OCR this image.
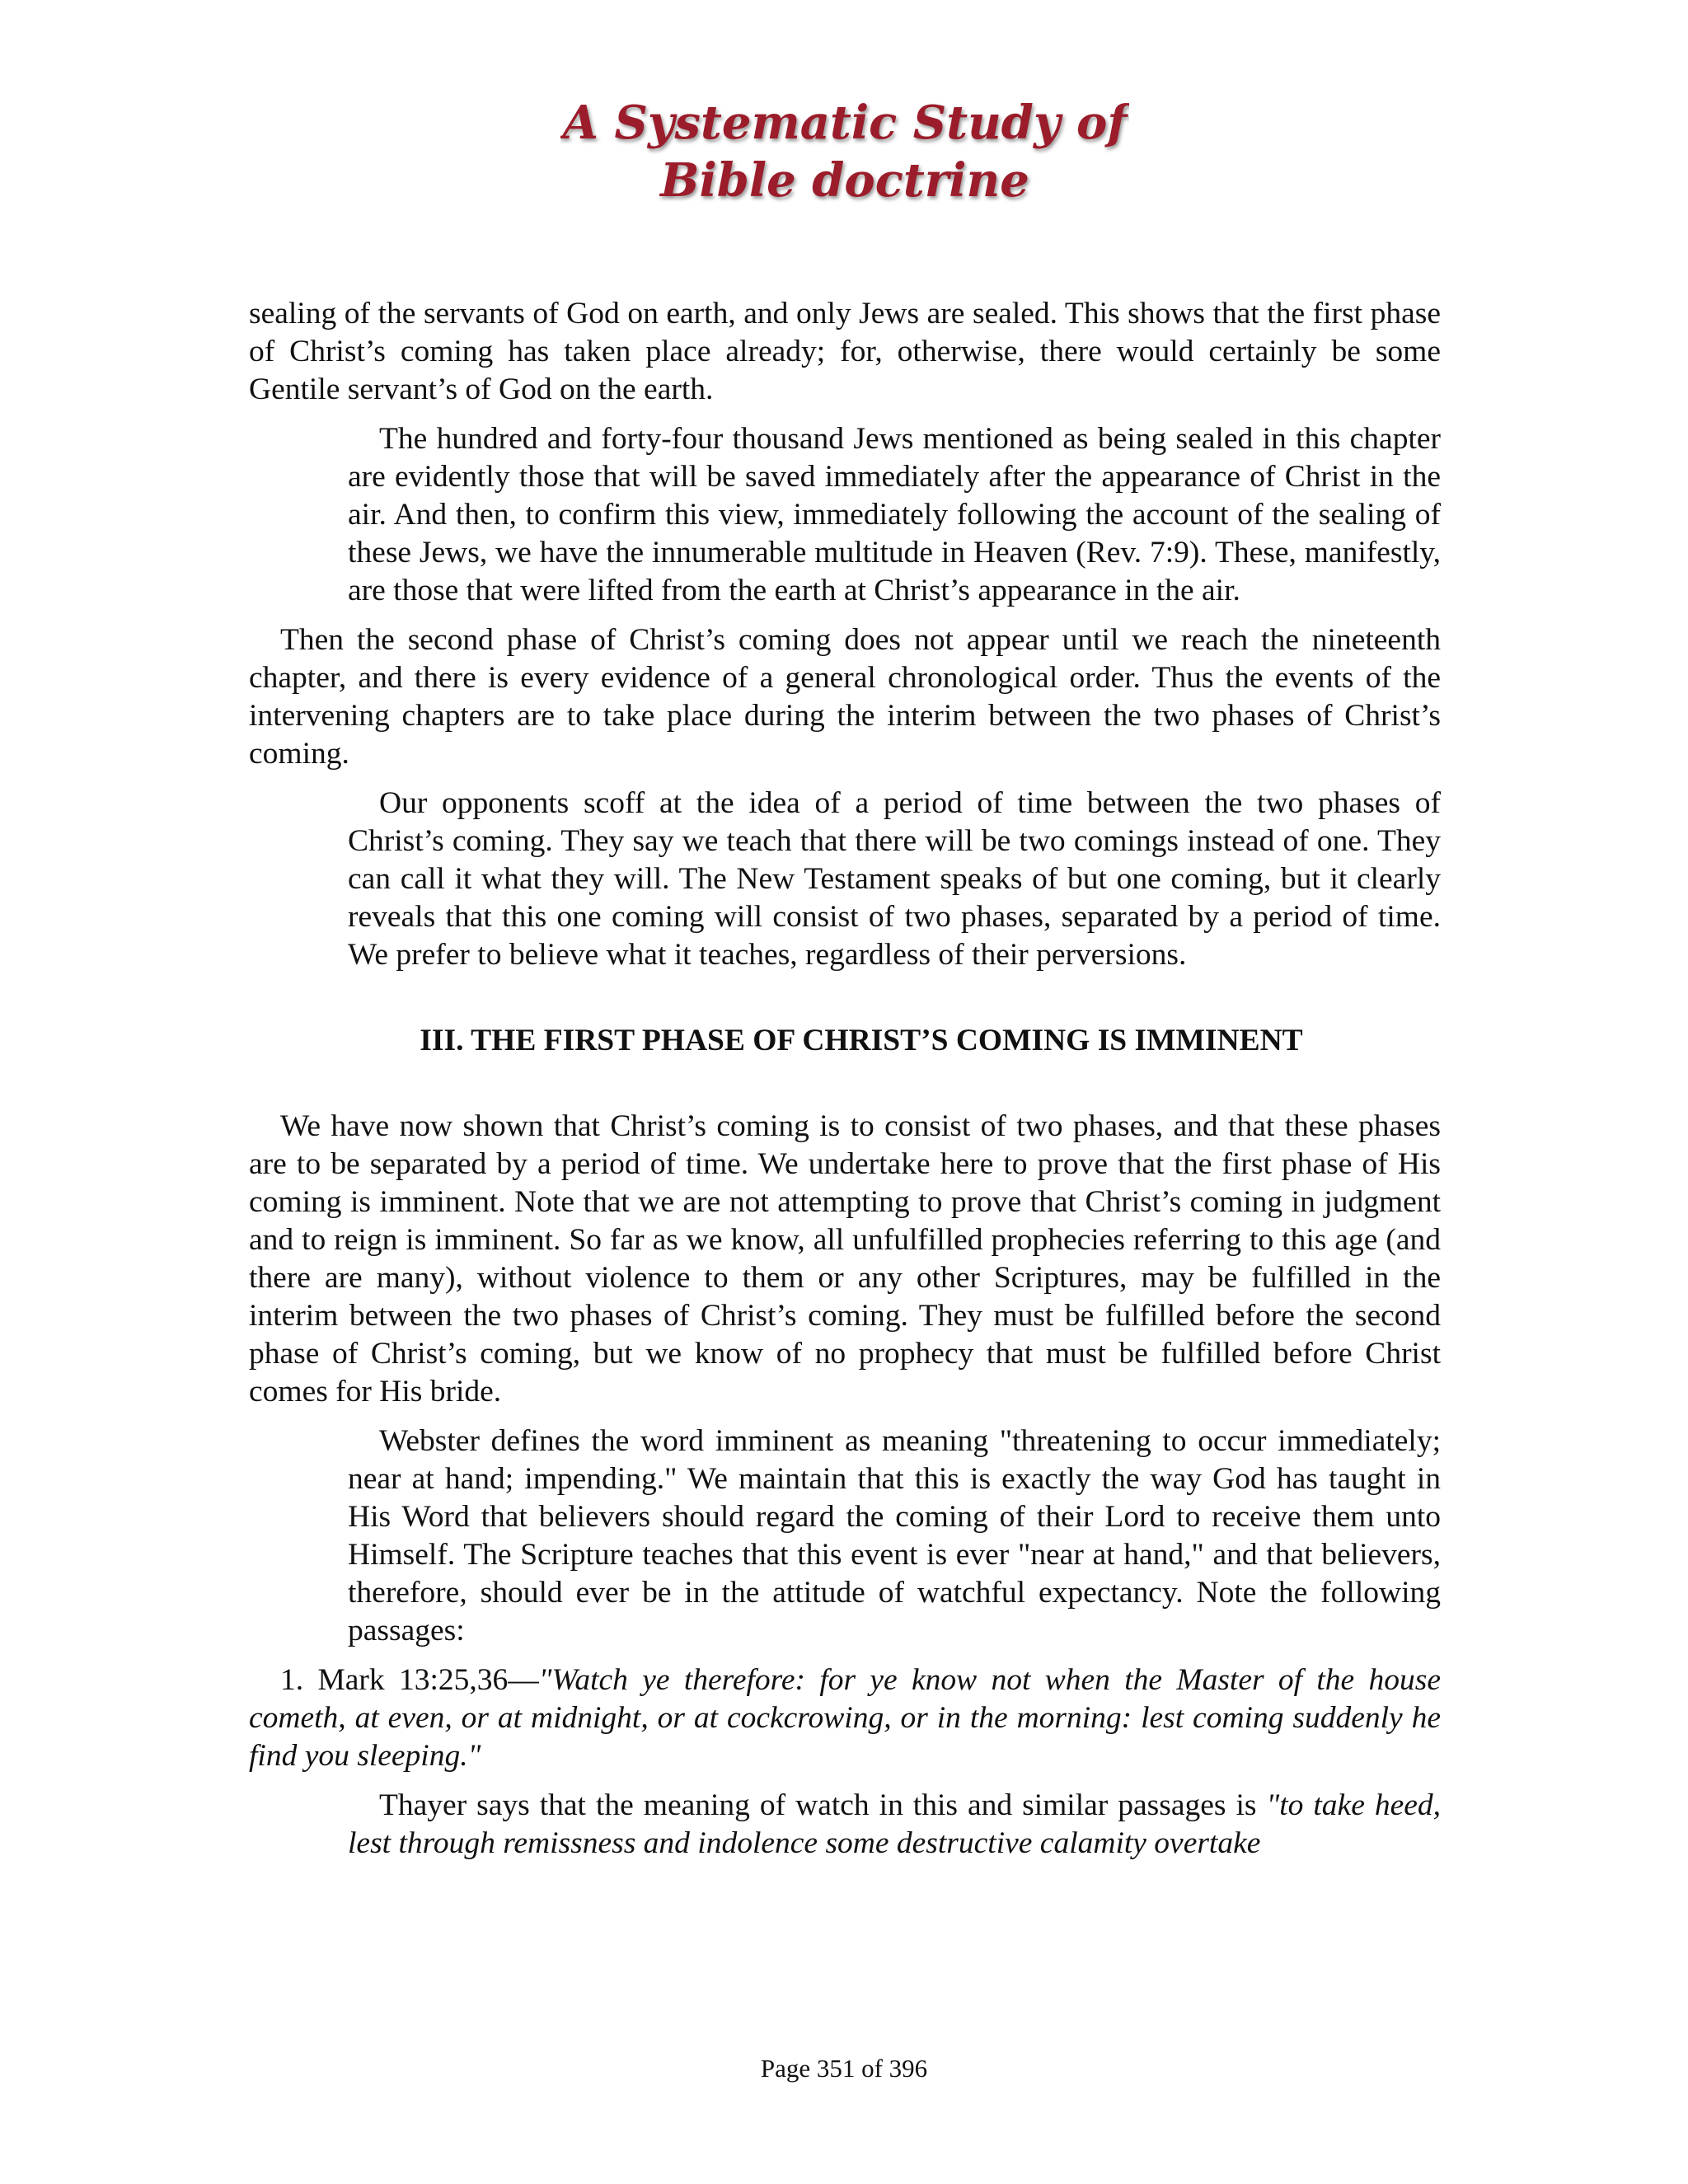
A Systematic Study of
Bible doctrine

sealing of the servants of God on earth, and only Jews are sealed. This shows that the first phase of Christ’s coming has taken place already; for, otherwise, there would certainly be some Gentile servant’s of God on the earth.

The hundred and forty-four thousand Jews mentioned as being sealed in this chapter are evidently those that will be saved immediately after the appearance of Christ in the air. And then, to confirm this view, immediately following the account of the sealing of these Jews, we have the innumerable multitude in Heaven (Rev. 7:9). These, manifestly, are those that were lifted from the earth at Christ’s appearance in the air.

Then the second phase of Christ’s coming does not appear until we reach the nineteenth chapter, and there is every evidence of a general chronological order. Thus the events of the intervening chapters are to take place during the interim between the two phases of Christ’s coming.

Our opponents scoff at the idea of a period of time between the two phases of Christ’s coming. They say we teach that there will be two comings instead of one. They can call it what they will. The New Testament speaks of but one coming, but it clearly reveals that this one coming will consist of two phases, separated by a period of time. We prefer to believe what it teaches, regardless of their perversions.

III. THE FIRST PHASE OF CHRIST’S COMING IS IMMINENT

We have now shown that Christ’s coming is to consist of two phases, and that these phases are to be separated by a period of time. We undertake here to prove that the first phase of His coming is imminent. Note that we are not attempting to prove that Christ’s coming in judgment and to reign is imminent. So far as we know, all unfulfilled prophecies referring to this age (and there are many), without violence to them or any other Scriptures, may be fulfilled in the interim between the two phases of Christ’s coming. They must be fulfilled before the second phase of Christ’s coming, but we know of no prophecy that must be fulfilled before Christ comes for His bride.

Webster defines the word imminent as meaning "threatening to occur immediately; near at hand; impending." We maintain that this is exactly the way God has taught in His Word that believers should regard the coming of their Lord to receive them unto Himself. The Scripture teaches that this event is ever "near at hand," and that believers, therefore, should ever be in the attitude of watchful expectancy. Note the following passages:

1. Mark 13:25,36—"Watch ye therefore: for ye know not when the Master of the house cometh, at even, or at midnight, or at cockcrowing, or in the morning: lest coming suddenly he find you sleeping."

Thayer says that the meaning of watch in this and similar passages is "to take heed, lest through remissness and indolence some destructive calamity overtake

Page 351 of 396
